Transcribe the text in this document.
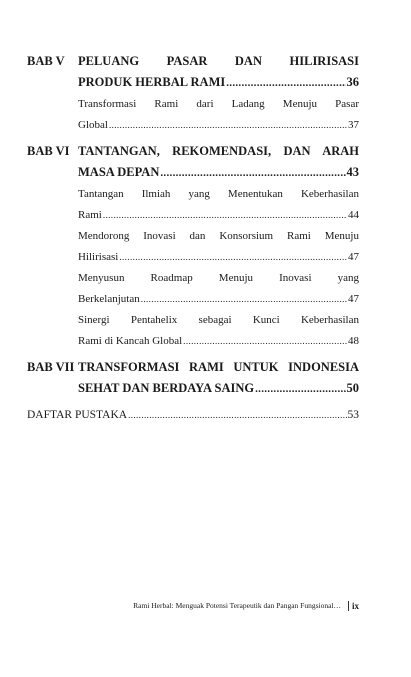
BAB V PELUANG PASAR DAN HILIRISASI
PRODUK HERBAL RAMI .....	36
Transformasi Rami dari Ladang Menuju Pasar
Global .....	37
BAB VI TANTANGAN, REKOMENDASI, DAN ARAH
MASA DEPAN .....	43
Tantangan Ilmiah yang Menentukan Keberhasilan
Rami .....	44
Mendorong Inovasi dan Konsorsium Rami Menuju
Hilirisasi .....	47
Menyusun Roadmap Menuju Inovasi yang
Berkelanjutan .....	47
Sinergi Pentahelix sebagai Kunci Keberhasilan
Rami di Kancah Global .....	48
BAB VII TRANSFORMASI RAMI UNTUK INDONESIA
SEHAT DAN BERDAYA SAING .....	50
DAFTAR PUSTAKA .....	53
Rami Herbal: Menguak Potensi Terapeutik dan Pangan Fungsional…	ix
